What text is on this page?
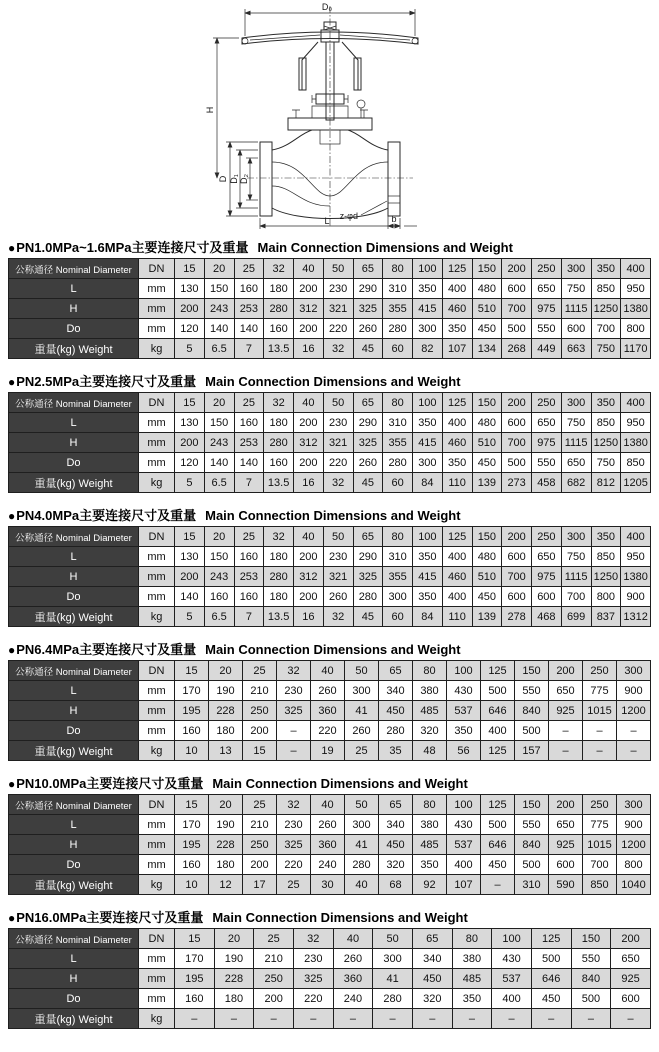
D₀
H
D D₁ D₂
z-φd
L	b
● PN1.0MPa~1.6MPa主要连接尺寸及重量 Main Connection Dimensions and Weight
公称通径 Nominal Diameter	DN	15	20	25	32	40	50	65	80	100	125	150	200	250	300	350	400
L	mm	130	150	160	180	200	230	290	310	350	400	480	600	650	750	850	950
H	mm	200	243	253	280	312	321	325	355	415	460	510	700	975	1115	1250	1380
Do	mm	120	140	140	160	200	220	260	280	300	350	450	500	550	600	700	800
重量(kg) Weight	kg	5	6.5	7	13.5	16	32	45	60	82	107	134	268	449	663	750	1170
● PN2.5MPa主要连接尺寸及重量 Main Connection Dimensions and Weight
公称通径 Nominal Diameter	DN	15	20	25	32	40	50	65	80	100	125	150	200	250	300	350	400
L	mm	130	150	160	180	200	230	290	310	350	400	480	600	650	750	850	950
H	mm	200	243	253	280	312	321	325	355	415	460	510	700	975	1115	1250	1380
Do	mm	120	140	140	160	200	220	260	280	300	350	450	500	550	650	750	850
重量(kg) Weight	kg	5	6.5	7	13.5	16	32	45	60	84	110	139	273	458	682	812	1205
● PN4.0MPa主要连接尺寸及重量 Main Connection Dimensions and Weight
公称通径 Nominal Diameter	DN	15	20	25	32	40	50	65	80	100	125	150	200	250	300	350	400
L	mm	130	150	160	180	200	230	290	310	350	400	480	600	650	750	850	950
H	mm	200	243	253	280	312	321	325	355	415	460	510	700	975	1115	1250	1380
Do	mm	140	160	160	180	200	260	280	300	350	400	450	600	600	700	800	900
重量(kg) Weight	kg	5	6.5	7	13.5	16	32	45	60	84	110	139	278	468	699	837	1312
● PN6.4MPa主要连接尺寸及重量 Main Connection Dimensions and Weight
公称通径 Nominal Diameter	DN	15	20	25	32	40	50	65	80	100	125	150	200	250	300
L	mm	170	190	210	230	260	300	340	380	430	500	550	650	775	900
H	mm	195	228	250	325	360	41	450	485	537	646	840	925	1015	1200
Do	mm	160	180	200	–	220	260	280	320	350	400	500	–	–	–
重量(kg) Weight	kg	10	13	15	–	19	25	35	48	56	125	157	–	–	–
● PN10.0MPa主要连接尺寸及重量 Main Connection Dimensions and Weight
公称通径 Nominal Diameter	DN	15	20	25	32	40	50	65	80	100	125	150	200	250	300
L	mm	170	190	210	230	260	300	340	380	430	500	550	650	775	900
H	mm	195	228	250	325	360	41	450	485	537	646	840	925	1015	1200
Do	mm	160	180	200	220	240	280	320	350	400	450	500	600	700	800
重量(kg) Weight	kg	10	12	17	25	30	40	68	92	107	–	310	590	850	1040
● PN16.0MPa主要连接尺寸及重量 Main Connection Dimensions and Weight
公称通径 Nominal Diameter	DN	15	20	25	32	40	50	65	80	100	125	150	200
L	mm	170	190	210	230	260	300	340	380	430	500	550	650
H	mm	195	228	250	325	360	41	450	485	537	646	840	925
Do	mm	160	180	200	220	240	280	320	350	400	450	500	600
重量(kg) Weight	kg	–	–	–	–	–	–	–	–	–	–	–	–
